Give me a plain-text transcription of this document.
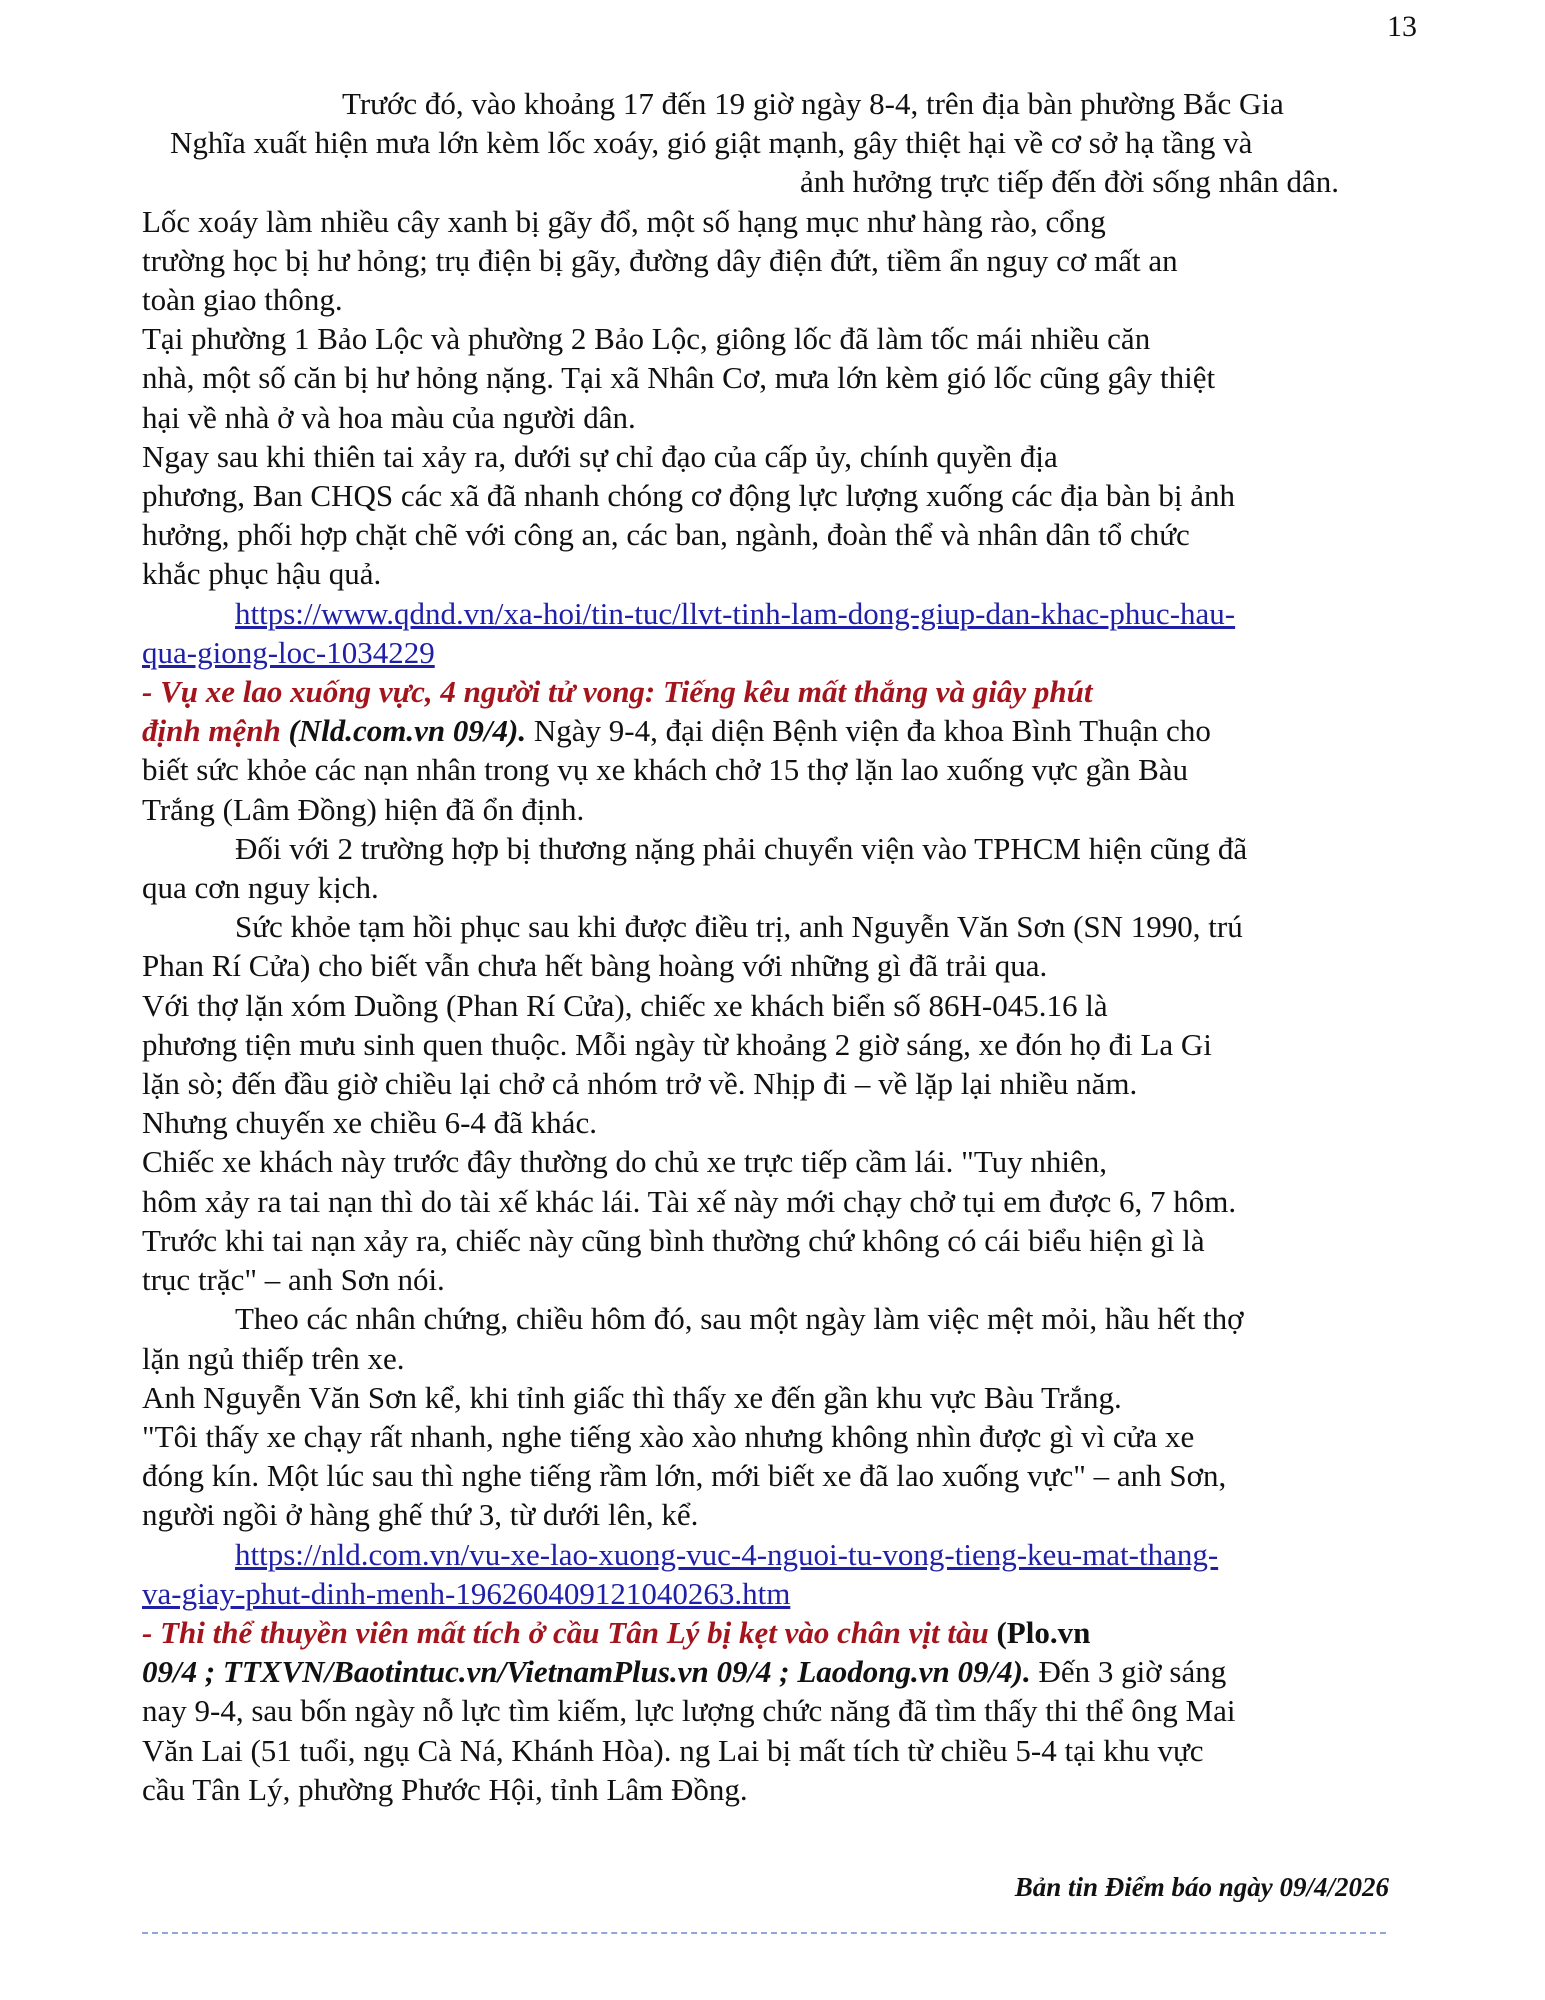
13

Trước đó, vào khoảng 17 đến 19 giờ ngày 8-4, trên địa bàn phường Bắc Gia

Nghĩa xuất hiện mưa lớn kèm lốc xoáy, gió giật mạnh, gây thiệt hại về cơ sở hạ tầng và

ảnh hưởng trực tiếp đến đời sống nhân dân.

Lốc xoáy làm nhiều cây xanh bị gãy đổ, một số hạng mục như hàng rào, cổng

trường học bị hư hỏng; trụ điện bị gãy, đường dây điện đứt, tiềm ẩn nguy cơ mất an

toàn giao thông.

Tại phường 1 Bảo Lộc và phường 2 Bảo Lộc, giông lốc đã làm tốc mái nhiều căn

nhà, một số căn bị hư hỏng nặng. Tại xã Nhân Cơ, mưa lớn kèm gió lốc cũng gây thiệt

hại về nhà ở và hoa màu của người dân.

Ngay sau khi thiên tai xảy ra, dưới sự chỉ đạo của cấp ủy, chính quyền địa

phương, Ban CHQS các xã đã nhanh chóng cơ động lực lượng xuống các địa bàn bị ảnh

hưởng, phối hợp chặt chẽ với công an, các ban, ngành, đoàn thể và nhân dân tổ chức

khắc phục hậu quả.

https://www.qdnd.vn/xa-hoi/tin-tuc/llvt-tinh-lam-dong-giup-dan-khac-phuc-hau-

qua-giong-loc-1034229

- Vụ xe lao xuống vực, 4 người tử vong: Tiếng kêu mất thắng và giây phút

định mệnh (Nld.com.vn 09/4). Ngày 9-4, đại diện Bệnh viện đa khoa Bình Thuận cho

biết sức khỏe các nạn nhân trong vụ xe khách chở 15 thợ lặn lao xuống vực gần Bàu

Trắng (Lâm Đồng) hiện đã ổn định.

Đối với 2 trường hợp bị thương nặng phải chuyển viện vào TPHCM hiện cũng đã

qua cơn nguy kịch.

Sức khỏe tạm hồi phục sau khi được điều trị, anh Nguyễn Văn Sơn (SN 1990, trú

Phan Rí Cửa) cho biết vẫn chưa hết bàng hoàng với những gì đã trải qua.

Với thợ lặn xóm Duồng (Phan Rí Cửa), chiếc xe khách biển số 86H-045.16 là

phương tiện mưu sinh quen thuộc. Mỗi ngày từ khoảng 2 giờ sáng, xe đón họ đi La Gi

lặn sò; đến đầu giờ chiều lại chở cả nhóm trở về. Nhịp đi – về lặp lại nhiều năm.

Nhưng chuyến xe chiều 6-4 đã khác.

Chiếc xe khách này trước đây thường do chủ xe trực tiếp cầm lái. "Tuy nhiên,

hôm xảy ra tai nạn thì do tài xế khác lái. Tài xế này mới chạy chở tụi em được 6, 7 hôm.

Trước khi tai nạn xảy ra, chiếc này cũng bình thường chứ không có cái biểu hiện gì là

trục trặc" – anh Sơn nói.

Theo các nhân chứng, chiều hôm đó, sau một ngày làm việc mệt mỏi, hầu hết thợ

lặn ngủ thiếp trên xe.

Anh Nguyễn Văn Sơn kể, khi tỉnh giấc thì thấy xe đến gần khu vực Bàu Trắng.

"Tôi thấy xe chạy rất nhanh, nghe tiếng xào xào nhưng không nhìn được gì vì cửa xe

đóng kín. Một lúc sau thì nghe tiếng rầm lớn, mới biết xe đã lao xuống vực" – anh Sơn,

người ngồi ở hàng ghế thứ 3, từ dưới lên, kể.

https://nld.com.vn/vu-xe-lao-xuong-vuc-4-nguoi-tu-vong-tieng-keu-mat-thang-

va-giay-phut-dinh-menh-196260409121040263.htm

- Thi thể thuyền viên mất tích ở cầu Tân Lý bị kẹt vào chân vịt tàu (Plo.vn

09/4 ; TTXVN/Baotintuc.vn/VietnamPlus.vn 09/4 ; Laodong.vn 09/4). Đến 3 giờ sáng

nay 9-4, sau bốn ngày nỗ lực tìm kiếm, lực lượng chức năng đã tìm thấy thi thể ông Mai

Văn Lai (51 tuổi, ngụ Cà Ná, Khánh Hòa). ng Lai bị mất tích từ chiều 5-4 tại khu vực

cầu Tân Lý, phường Phước Hội, tỉnh Lâm Đồng.

Bản tin Điểm báo ngày 09/4/2026
